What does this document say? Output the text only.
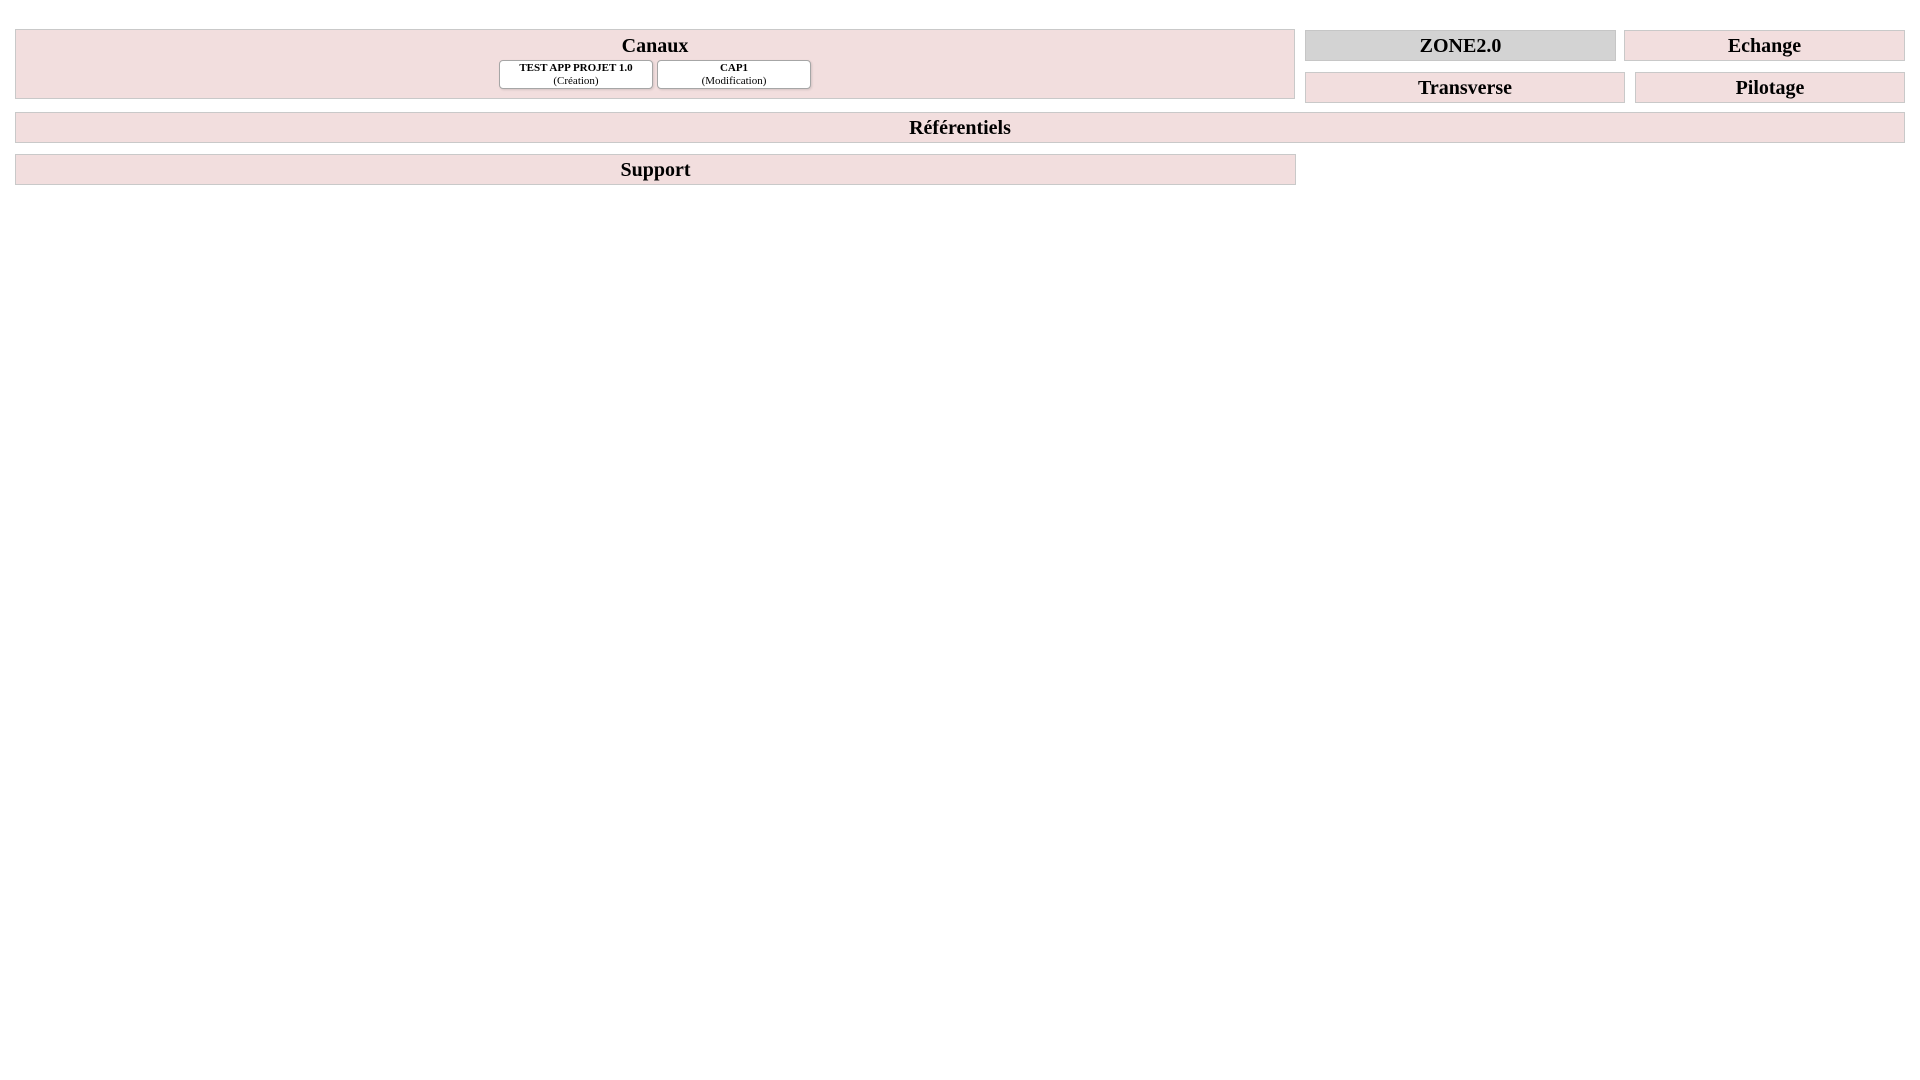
Canaux
TEST APP PROJET 1.0
(Création)
CAP1
(Modification)
ZONE2.0	Echange
Transverse	Pilotage
Référentiels
Support
